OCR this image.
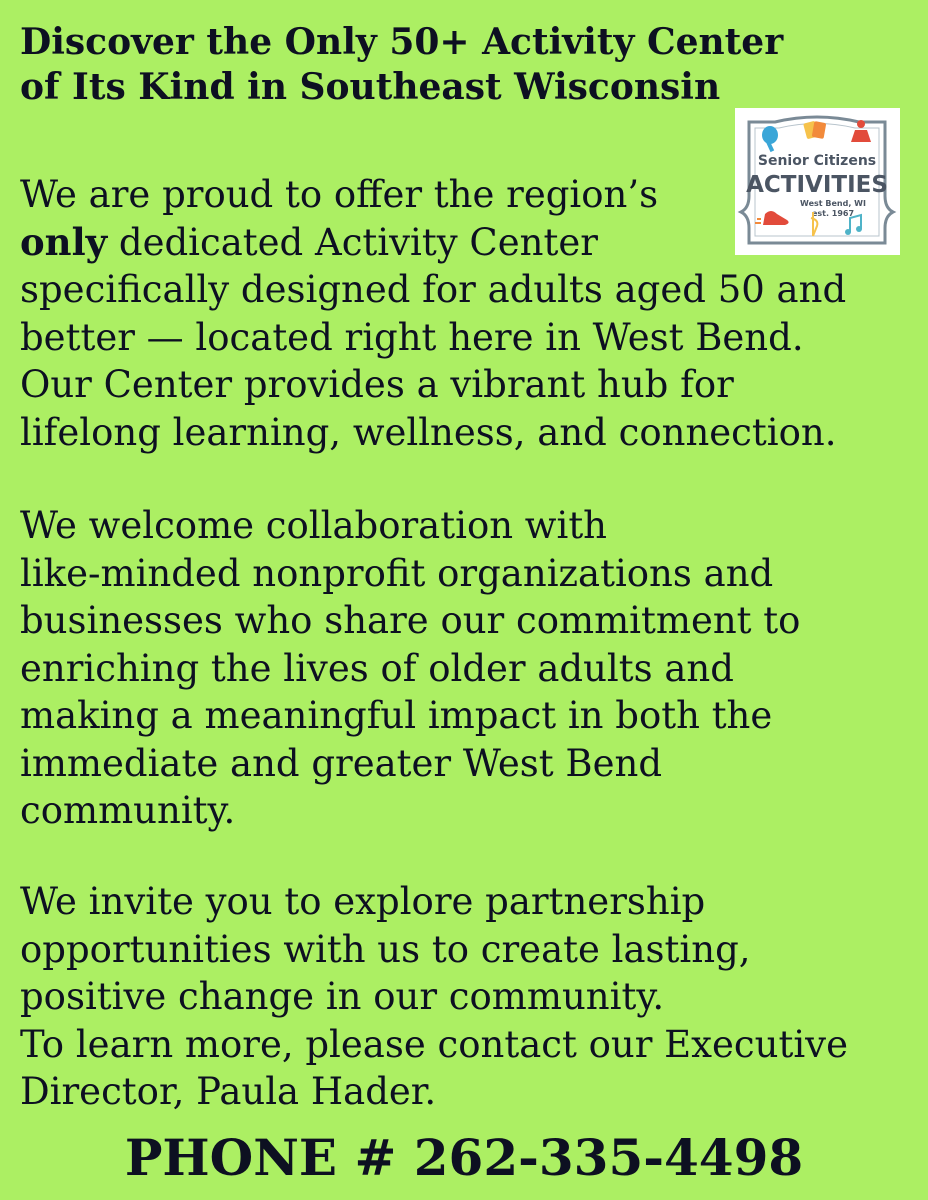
Discover the Only 50+ Activity Center
of Its Kind in Southeast Wisconsin
Senior Citizens
ACTIVITIES
West Bend, WI
est. 1967

We are proud to offer the region’s
only dedicated Activity Center
specifically designed for adults aged 50 and
better — located right here in West Bend.
Our Center provides a vibrant hub for
lifelong learning, wellness, and connection.

We welcome collaboration with
like-minded nonprofit organizations and
businesses who share our commitment to
enriching the lives of older adults and
making a meaningful impact in both the
immediate and greater West Bend
community.

We invite you to explore partnership
opportunities with us to create lasting,
positive change in our community.
To learn more, please contact our Executive
Director, Paula Hader.

PHONE # 262-335-4498
